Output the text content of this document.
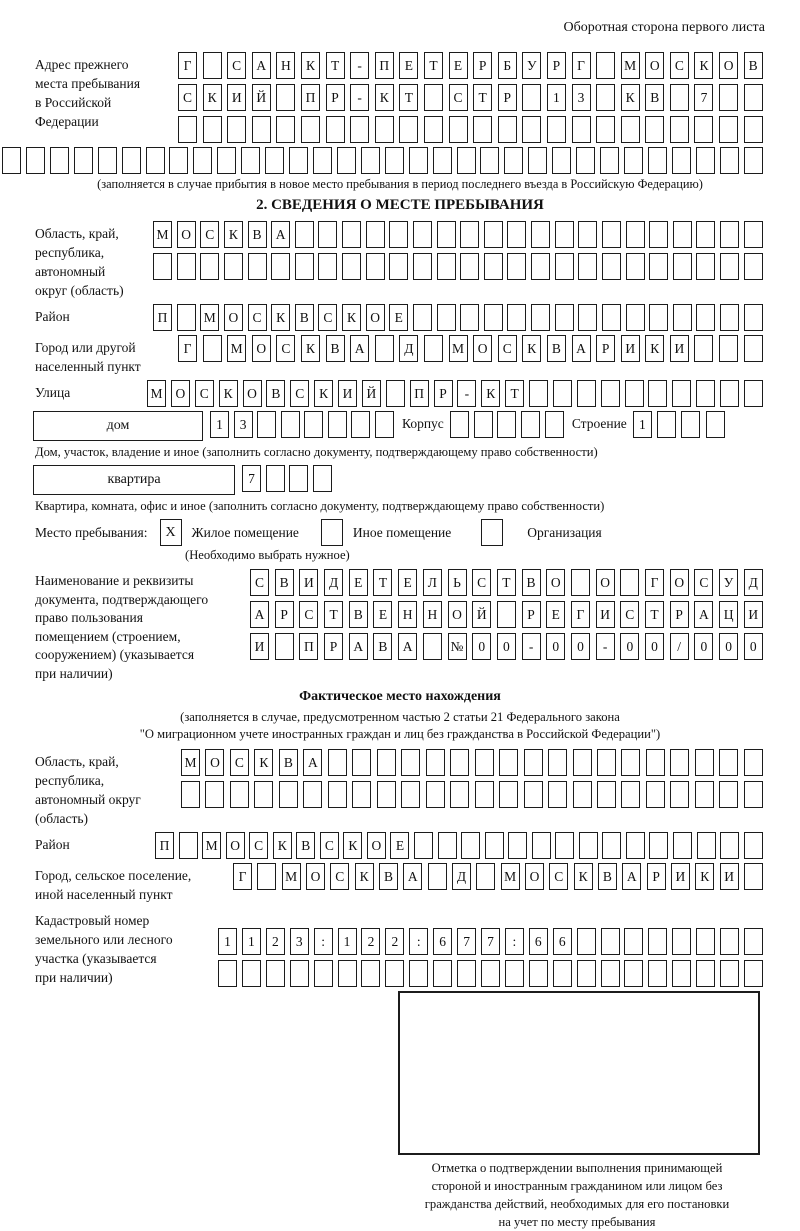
Оборотная сторона первого листа
Адрес прежнего
места пребывания
в Российской
Федерации
Г	С	А	Н	К	Т	-	П	Е	Т	Е	Р	Б	У	Р	Г	М	О	С	К	О	В
С	К	И	Й	П	Р	-	К	Т	С	Т	Р	1	3	К	В	7
(заполняется в случае прибытия в новое место пребывания в период последнего въезда в Российскую Федерацию)
2. СВЕДЕНИЯ О МЕСТЕ ПРЕБЫВАНИЯ
Область, край,
республика,
автономный
округ (область)
М О	С	К	В	А
Район	П	М О	С	К	В	С	К	О	Е
Город или другой
населенный пункт
Г	М	О	С	К	В	А	Д	М	О	С	К	В	А	Р	И	К	И
Улица	М О	С	К	О	В	С	К	И	Й	П	Р	-	К	Т
дом	1	3	Корпус	Строение 1
Дом, участок, владение и иное (заполнить согласно документу, подтверждающему право собственности)
квартира	7
Квартира, комната, офис и иное (заполнить согласно документу, подтверждающему право собственности)
Место пребывания:	X	Жилое помещение	Иное помещение	Организация
(Необходимо выбрать нужное)
Наименование и реквизиты
документа, подтверждающего
право пользования
помещением (строением,
сооружением) (указывается
при наличии)
С	В	И	Д	Е	Т	Е	Л	Ь	С	Т	В	О	О	Г	О	С	У	Д
А	Р	С	Т	В	Е	Н	Н	О	Й	Р	Е	Г	И	С	Т	Р	А	Ц	И
И	П	Р	А	В	А	№	0	0	-	0	0	-	0	0	/	0	0	0
Фактическое место нахождения
(заполняется в случае, предусмотренном частью 2 статьи 21 Федерального закона
"О миграционном учете иностранных граждан и лиц без гражданства в Российской Федерации")
Область, край,
республика,
автономный округ
(область)
М	О	С	К	В	А
Район	П	М О	С	К	В	С	К	О	Е
Город, сельское поселение,
иной населенный пункт
Г	М О	С	К	В	А	Д	М О	С	К	В	А	Р	И	К	И
Кадастровый номер
земельного или лесного
участка (указывается
при наличии)
1	1	2	3	:	1	2	2	:	6	7	7	:	6	6
Отметка о подтверждении выполнения принимающей
стороной и иностранным гражданином или лицом без
гражданства действий, необходимых для его постановки
на учет по месту пребывания
